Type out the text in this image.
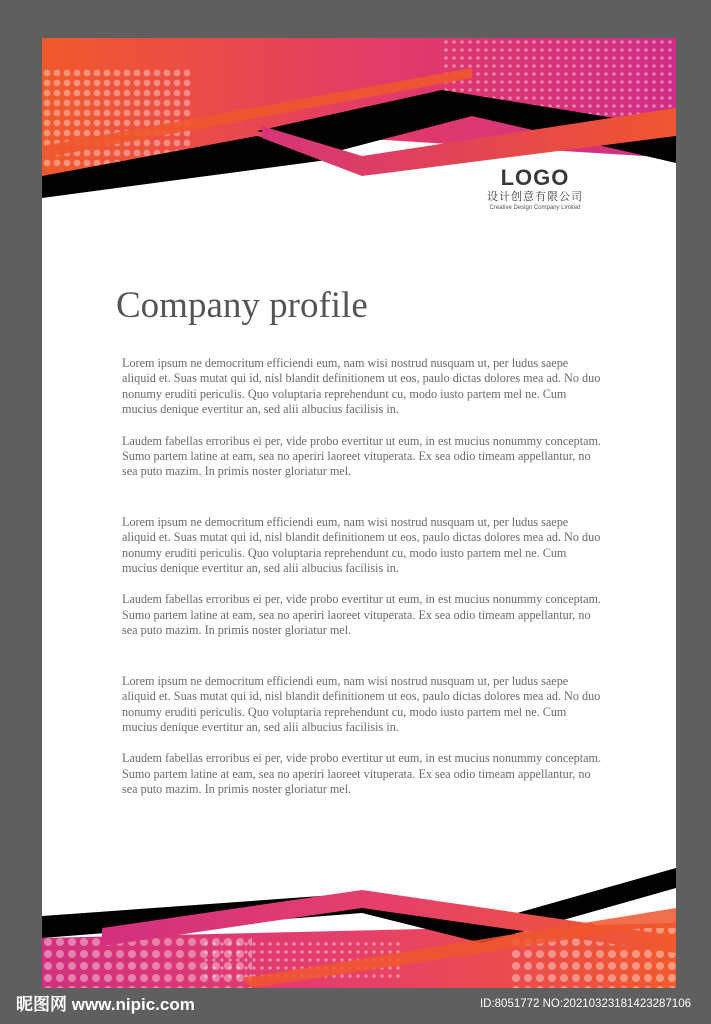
LOGO
设计创意有限公司
Creative Design Company Limited
Company profile

Lorem ipsum ne democritum efficiendi eum, nam wisi nostrud nusquam ut, per ludus saepe aliquid et. Suas mutat qui id, nisl blandit definitionem ut eos, paulo dictas dolores mea ad. No duo nonumy eruditi periculis. Quo voluptaria reprehendunt cu, modo iusto partem mel ne. Cum mucius denique evertitur an, sed alii albucius facilisis in.

Laudem fabellas erroribus ei per, vide probo evertitur ut eum, in est mucius nonummy conceptam. Sumo partem latine at eam, sea no aperiri laoreet vituperata. Ex sea odio timeam appellantur, no sea puto mazim. In primis noster gloriatur mel.

Lorem ipsum ne democritum efficiendi eum, nam wisi nostrud nusquam ut, per ludus saepe aliquid et. Suas mutat qui id, nisl blandit definitionem ut eos, paulo dictas dolores mea ad. No duo nonumy eruditi periculis. Quo voluptaria reprehendunt cu, modo iusto partem mel ne. Cum mucius denique evertitur an, sed alii albucius facilisis in.

Laudem fabellas erroribus ei per, vide probo evertitur ut eum, in est mucius nonummy conceptam. Sumo partem latine at eam, sea no aperiri laoreet vituperata. Ex sea odio timeam appellantur, no sea puto mazim. In primis noster gloriatur mel.

Lorem ipsum ne democritum efficiendi eum, nam wisi nostrud nusquam ut, per ludus saepe aliquid et. Suas mutat qui id, nisl blandit definitionem ut eos, paulo dictas dolores mea ad. No duo nonumy eruditi periculis. Quo voluptaria reprehendunt cu, modo iusto partem mel ne. Cum mucius denique evertitur an, sed alii albucius facilisis in.

Laudem fabellas erroribus ei per, vide probo evertitur ut eum, in est mucius nonummy conceptam. Sumo partem latine at eam, sea no aperiri laoreet vituperata. Ex sea odio timeam appellantur, no sea puto mazim. In primis noster gloriatur mel.

昵图网 www.nipic.com	ID:8051772 NO:20210323181423287106
